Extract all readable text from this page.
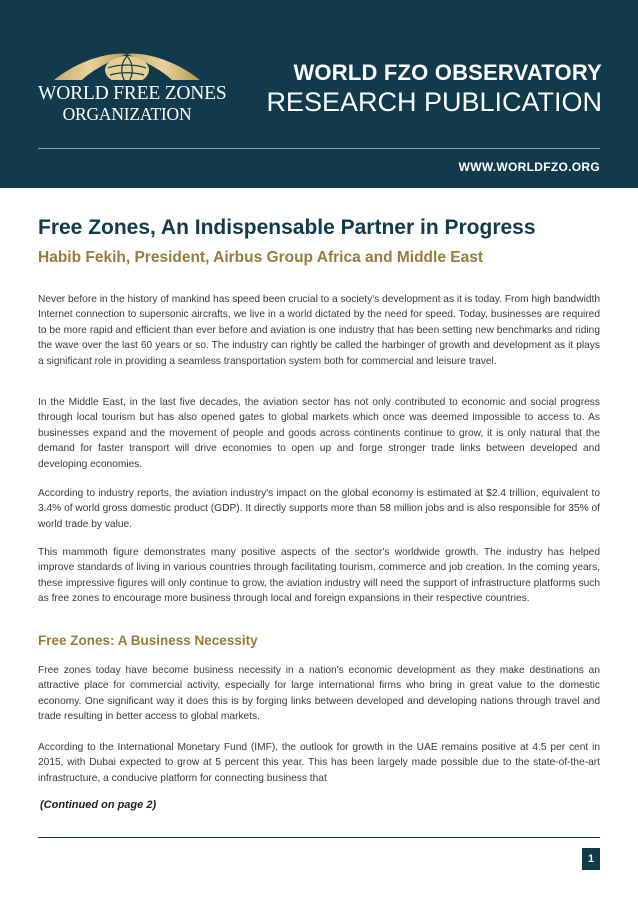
WORLD FREE ZONES
ORGANIZATION
WORLD FZO OBSERVATORY
RESEARCH PUBLICATION
WWW.WORLDFZO.ORG
Free Zones, An Indispensable Partner in Progress
Habib Fekih, President, Airbus Group Africa and Middle East

Never before in the history of mankind has speed been crucial to a society's development as it is today. From high bandwidth Internet connection to supersonic aircrafts, we live in a world dictated by the need for speed. Today, businesses are required to be more rapid and efficient than ever before and aviation is one industry that has been setting new benchmarks and riding the wave over the last 60 years or so. The industry can rightly be called the harbinger of growth and development as it plays a significant role in providing a seamless transportation system both for commercial and leisure travel.

In the Middle East, in the last five decades, the aviation sector has not only contributed to economic and social progress through local tourism but has also opened gates to global markets which once was deemed impossible to access to. As businesses expand and the movement of people and goods across continents continue to grow, it is only natural that the demand for faster transport will drive economies to open up and forge stronger trade links between developed and developing economies.

According to industry reports, the aviation industry's impact on the global economy is estimated at $2.4 trillion, equivalent to 3.4% of world gross domestic product (GDP). It directly supports more than 58 million jobs and is also responsible for 35% of world trade by value.

This mammoth figure demonstrates many positive aspects of the sector's worldwide growth. The industry has helped improve standards of living in various countries through facilitating tourism, commerce and job creation. In the coming years, these impressive figures will only continue to grow, the aviation industry will need the support of infrastructure platforms such as free zones to encourage more business through local and foreign expansions in their respective countries.

Free Zones: A Business Necessity

Free zones today have become business necessity in a nation's economic development as they make destinations an attractive place for commercial activity, especially for large international firms who bring in great value to the domestic economy. One significant way it does this is by forging links between developed and developing nations through travel and trade resulting in better access to global markets.

According to the International Monetary Fund (IMF), the outlook for growth in the UAE remains positive at 4.5 per cent in 2015, with Dubai expected to grow at 5 percent this year. This has been largely made possible due to the state-of-the-art infrastructure, a conducive platform for connecting business that

(Continued on page 2)
1
